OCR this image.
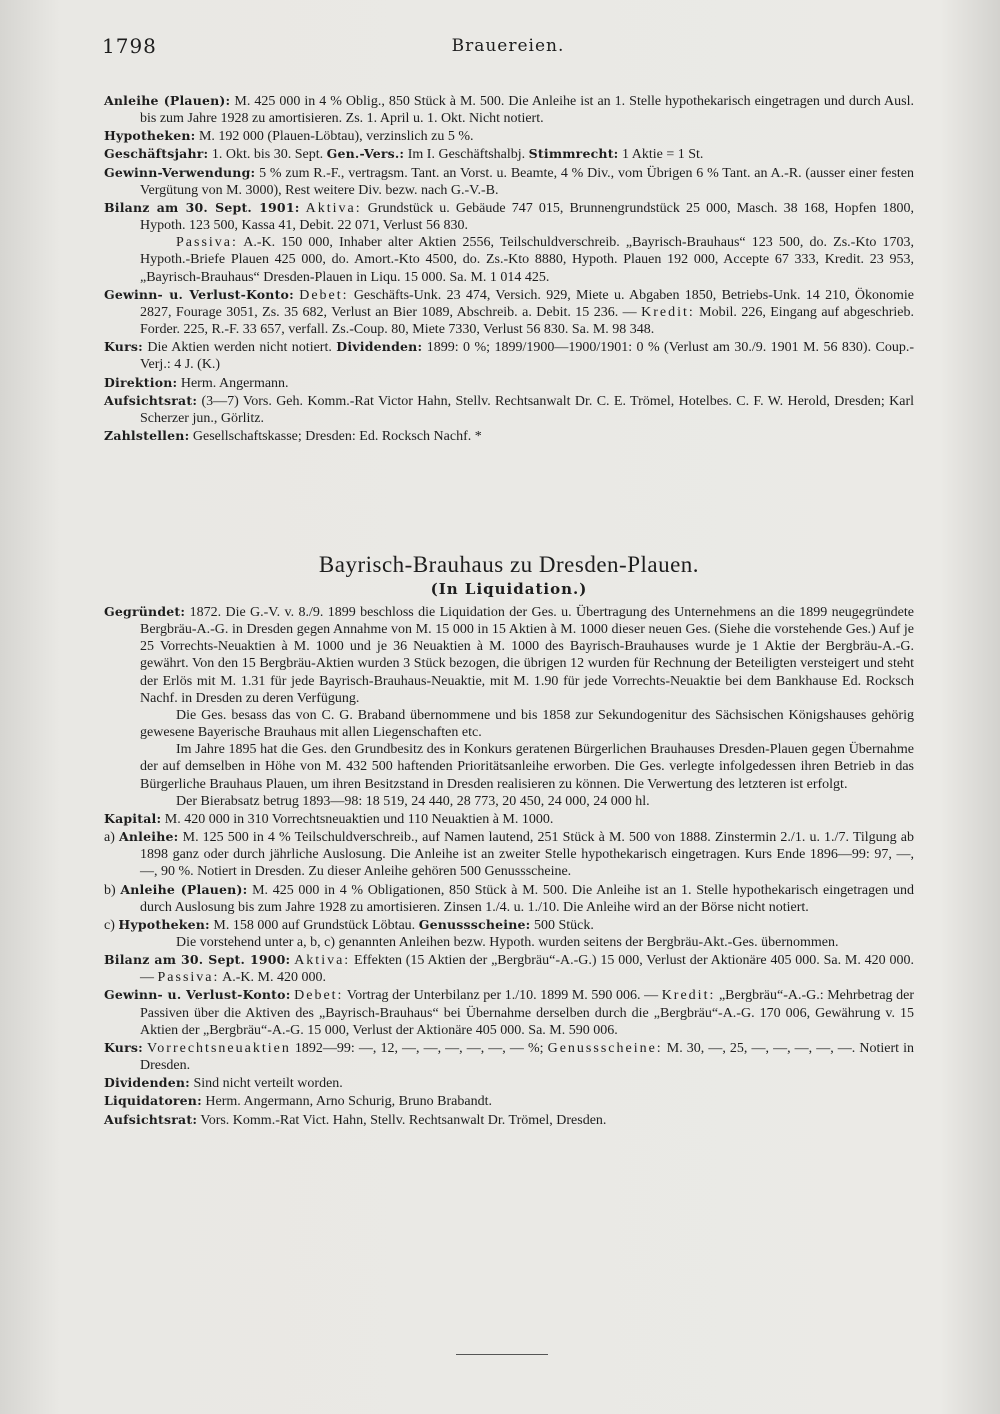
1798	Brauereien.

Anleihe (Plauen): M. 425 000 in 4 % Oblig., 850 Stück à M. 500. Die Anleihe ist an 1. Stelle hypothekarisch eingetragen und durch Ausl. bis zum Jahre 1928 zu amortisieren. Zs. 1. April u. 1. Okt. Nicht notiert.

Hypotheken: M. 192 000 (Plauen-Löbtau), verzinslich zu 5 %.

Geschäftsjahr: 1. Okt. bis 30. Sept. Gen.-Vers.: Im I. Geschäftshalbj. Stimmrecht: 1 Aktie = 1 St.

Gewinn-Verwendung: 5 % zum R.-F., vertragsm. Tant. an Vorst. u. Beamte, 4 % Div., vom Übrigen 6 % Tant. an A.-R. (ausser einer festen Vergütung von M. 3000), Rest weitere Div. bezw. nach G.-V.-B.

Bilanz am 30. Sept. 1901: Aktiva: Grundstück u. Gebäude 747 015, Brunnengrundstück 25 000, Masch. 38 168, Hopfen 1800, Hypoth. 123 500, Kassa 41, Debit. 22 071, Verlust 56 830.

Passiva: A.-K. 150 000, Inhaber alter Aktien 2556, Teilschuldverschreib. „Bayrisch-Brauhaus“ 123 500, do. Zs.-Kto 1703, Hypoth.-Briefe Plauen 425 000, do. Amort.-Kto 4500, do. Zs.-Kto 8880, Hypoth. Plauen 192 000, Accepte 67 333, Kredit. 23 953, „Bayrisch-Brauhaus“ Dresden-Plauen in Liqu. 15 000. Sa. M. 1 014 425.

Gewinn- u. Verlust-Konto: Debet: Geschäfts-Unk. 23 474, Versich. 929, Miete u. Abgaben 1850, Betriebs-Unk. 14 210, Ökonomie 2827, Fourage 3051, Zs. 35 682, Verlust an Bier 1089, Abschreib. a. Debit. 15 236. — Kredit: Mobil. 226, Eingang auf abgeschrieb. Forder. 225, R.-F. 33 657, verfall. Zs.-Coup. 80, Miete 7330, Verlust 56 830. Sa. M. 98 348.

Kurs: Die Aktien werden nicht notiert. Dividenden: 1899: 0 %; 1899/1900—1900/1901: 0 % (Verlust am 30./9. 1901 M. 56 830). Coup.-Verj.: 4 J. (K.)

Direktion: Herm. Angermann.

Aufsichtsrat: (3—7) Vors. Geh. Komm.-Rat Victor Hahn, Stellv. Rechtsanwalt Dr. C. E. Trömel, Hotelbes. C. F. W. Herold, Dresden; Karl Scherzer jun., Görlitz.

Zahlstellen: Gesellschaftskasse; Dresden: Ed. Rocksch Nachf. *

Bayrisch-Brauhaus zu Dresden-Plauen.
(In Liquidation.)

Gegründet: 1872. Die G.-V. v. 8./9. 1899 beschloss die Liquidation der Ges. u. Übertragung des Unternehmens an die 1899 neugegründete Bergbräu-A.-G. in Dresden gegen Annahme von M. 15 000 in 15 Aktien à M. 1000 dieser neuen Ges. (Siehe die vorstehende Ges.) Auf je 25 Vorrechts-Neuaktien à M. 1000 und je 36 Neuaktien à M. 1000 des Bayrisch-Brauhauses wurde je 1 Aktie der Bergbräu-A.-G. gewährt. Von den 15 Bergbräu-Aktien wurden 3 Stück bezogen, die übrigen 12 wurden für Rechnung der Beteiligten versteigert und steht der Erlös mit M. 1.31 für jede Bayrisch-Brauhaus-Neuaktie, mit M. 1.90 für jede Vorrechts-Neuaktie bei dem Bankhause Ed. Rocksch Nachf. in Dresden zu deren Verfügung.

Die Ges. besass das von C. G. Braband übernommene und bis 1858 zur Sekundogenitur des Sächsischen Königshauses gehörig gewesene Bayerische Brauhaus mit allen Liegenschaften etc.

Im Jahre 1895 hat die Ges. den Grundbesitz des in Konkurs geratenen Bürgerlichen Brauhauses Dresden-Plauen gegen Übernahme der auf demselben in Höhe von M. 432 500 haftenden Prioritätsanleihe erworben. Die Ges. verlegte infolgedessen ihren Betrieb in das Bürgerliche Brauhaus Plauen, um ihren Besitzstand in Dresden realisieren zu können. Die Verwertung des letzteren ist erfolgt.

Der Bierabsatz betrug 1893—98: 18 519, 24 440, 28 773, 20 450, 24 000, 24 000 hl.

Kapital: M. 420 000 in 310 Vorrechtsneuaktien und 110 Neuaktien à M. 1000.

a) Anleihe: M. 125 500 in 4 % Teilschuldverschreib., auf Namen lautend, 251 Stück à M. 500 von 1888. Zinstermin 2./1. u. 1./7. Tilgung ab 1898 ganz oder durch jährliche Auslosung. Die Anleihe ist an zweiter Stelle hypothekarisch eingetragen. Kurs Ende 1896—99: 97, —, —, 90 %. Notiert in Dresden. Zu dieser Anleihe gehören 500 Genussscheine.

b) Anleihe (Plauen): M. 425 000 in 4 % Obligationen, 850 Stück à M. 500. Die Anleihe ist an 1. Stelle hypothekarisch eingetragen und durch Auslosung bis zum Jahre 1928 zu amortisieren. Zinsen 1./4. u. 1./10. Die Anleihe wird an der Börse nicht notiert.

c) Hypotheken: M. 158 000 auf Grundstück Löbtau. Genussscheine: 500 Stück.

Die vorstehend unter a, b, c) genannten Anleihen bezw. Hypoth. wurden seitens der Bergbräu-Akt.-Ges. übernommen.

Bilanz am 30. Sept. 1900: Aktiva: Effekten (15 Aktien der „Bergbräu“-A.-G.) 15 000, Verlust der Aktionäre 405 000. Sa. M. 420 000. — Passiva: A.-K. M. 420 000.

Gewinn- u. Verlust-Konto: Debet: Vortrag der Unterbilanz per 1./10. 1899 M. 590 006. — Kredit: „Bergbräu“-A.-G.: Mehrbetrag der Passiven über die Aktiven des „Bayrisch-Brauhaus“ bei Übernahme derselben durch die „Bergbräu“-A.-G. 170 006, Gewährung v. 15 Aktien der „Bergbräu“-A.-G. 15 000, Verlust der Aktionäre 405 000. Sa. M. 590 006.

Kurs: Vorrechtsneuaktien 1892—99: —, 12, —, —, —, —, —, — %; Genussscheine: M. 30, —, 25, —, —, —, —, —. Notiert in Dresden.

Dividenden: Sind nicht verteilt worden.

Liquidatoren: Herm. Angermann, Arno Schurig, Bruno Brabandt.

Aufsichtsrat: Vors. Komm.-Rat Vict. Hahn, Stellv. Rechtsanwalt Dr. Trömel, Dresden.
